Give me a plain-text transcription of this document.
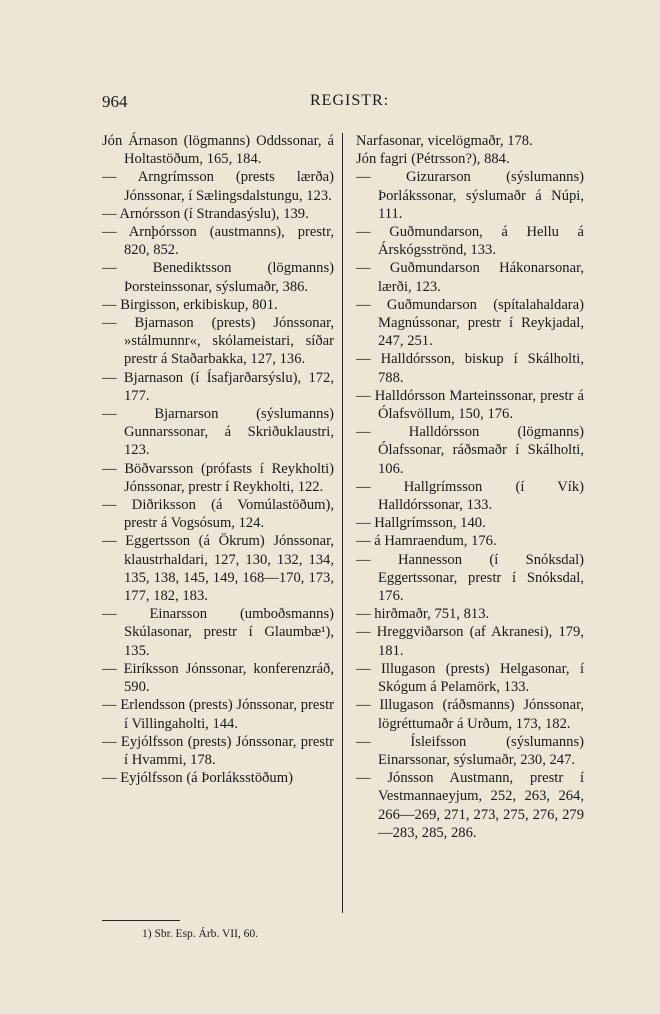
964	REGISTR:

Jón Árnason (lögmanns) Oddssonar, á Holtastöðum, 165, 184.

— Arngrímsson (prests lærða) Jónssonar, í Sælingsdalstungu, 123.

— Arnórsson (í Strandasýslu), 139.

— Arnþórsson (austmanns), prestr, 820, 852.

— Benediktsson (lögmanns) Þorsteinssonar, sýslumaðr, 386.

— Birgisson, erkibiskup, 801.

— Bjarnason (prests) Jónssonar, »stálmunnr«, skólameistari, síðar prestr á Staðarbakka, 127, 136.

— Bjarnason (í Ísafjarðarsýslu), 172, 177.

— Bjarnarson (sýslumanns) Gunnarssonar, á Skriðuklaustri, 123.

— Böðvarsson (prófasts í Reykholti) Jónssonar, prestr í Reykholti, 122.

— Diðriksson (á Vomúlastöðum), prestr á Vogsósum, 124.

— Eggertsson (á Ökrum) Jónssonar, klaustrhaldari, 127, 130, 132, 134, 135, 138, 145, 149, 168—170, 173, 177, 182, 183.

— Einarsson (umboðsmanns) Skúlasonar, prestr í Glaumbæ¹), 135.

— Eiríksson Jónssonar, konferenzráð, 590.

— Erlendsson (prests) Jónssonar, prestr í Villingaholti, 144.

— Eyjólfsson (prests) Jónssonar, prestr í Hvammi, 178.

— Eyjólfsson (á Þorláksstöðum)

Narfasonar, vicelögmaðr, 178.

Jón fagri (Pétrsson?), 884.

— Gizurarson (sýslumanns) Þorlákssonar, sýslumaðr á Núpi, 111.

— Guðmundarson, á Hellu á Árskógsströnd, 133.

— Guðmundarson Hákonarsonar, lærði, 123.

— Guðmundarson (spítalahaldara) Magnússonar, prestr í Reykjadal, 247, 251.

— Halldórsson, biskup í Skálholti, 788.

— Halldórsson Marteinssonar, prestr á Ólafsvöllum, 150, 176.

— Halldórsson (lögmanns) Ólafssonar, ráðsmaðr í Skálholti, 106.

— Hallgrímsson (í Vík) Halldórssonar, 133.

— Hallgrímsson, 140.

— á Hamraendum, 176.

— Hannesson (í Snóksdal) Eggertssonar, prestr í Snóksdal, 176.

— hirðmaðr, 751, 813.

— Hreggviðarson (af Akranesi), 179, 181.

— Illugason (prests) Helgasonar, í Skógum á Pelamörk, 133.

— Illugason (ráðsmanns) Jónssonar, lögréttumaðr á Urðum, 173, 182.

— Ísleifsson (sýslumanns) Einarssonar, sýslumaðr, 230, 247.

— Jónsson Austmann, prestr í Vestmannaeyjum, 252, 263, 264, 266—269, 271, 273, 275, 276, 279—283, 285, 286.

1) Sbr. Esp. Árb. VII, 60.
